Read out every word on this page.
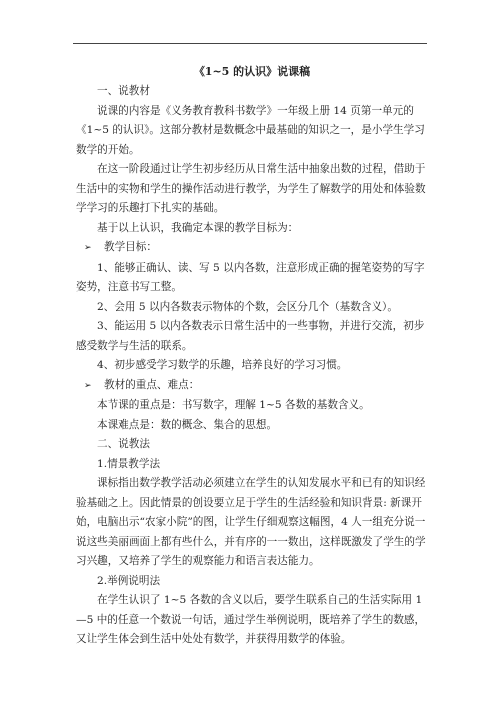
《1~5 的认识》说课稿
一、说教材
说课的内容是《义务教育教科书数学》一年级上册 14 页第一单元的《1~5 的认识》。这部分教材是数概念中最基础的知识之一，是小学生学习数学的开始。
在这一阶段通过让学生初步经历从日常生活中抽象出数的过程，借助于生活中的实物和学生的操作活动进行教学，为学生了解数学的用处和体验数学学习的乐趣打下扎实的基础。
基于以上认识，我确定本课的教学目标为：
➢ 教学目标：
1、能够正确认、读、写 5 以内各数，注意形成正确的握笔姿势的写字姿势，注意书写工整。
2、会用 5 以内各数表示物体的个数，会区分几个（基数含义）。
3、能运用 5 以内各数表示日常生活中的一些事物，并进行交流，初步感受数学与生活的联系。
4、初步感受学习数学的乐趣，培养良好的学习习惯。
➢ 教材的重点、难点：
本节课的重点是：书写数字，理解 1~5 各数的基数含义。
本课难点是：数的概念、集合的思想。
二、说教法
1.情景教学法
课标指出数学教学活动必须建立在学生的认知发展水平和已有的知识经验基础之上。因此情景的创设要立足于学生的生活经验和知识背景: 新课开始，电脑出示“农家小院”的图，让学生仔细观察这幅图，4 人一组充分说一说这些美丽画面上都有些什么，并有序的一一数出，这样既激发了学生的学习兴趣，又培养了学生的观察能力和语言表达能力。
2.举例说明法
在学生认识了 1~5 各数的含义以后，要学生联系自己的生活实际用 1—5 中的任意一个数说一句话，通过学生举例说明，既培养了学生的数感，又让学生体会到生活中处处有数学，并获得用数学的体验。
